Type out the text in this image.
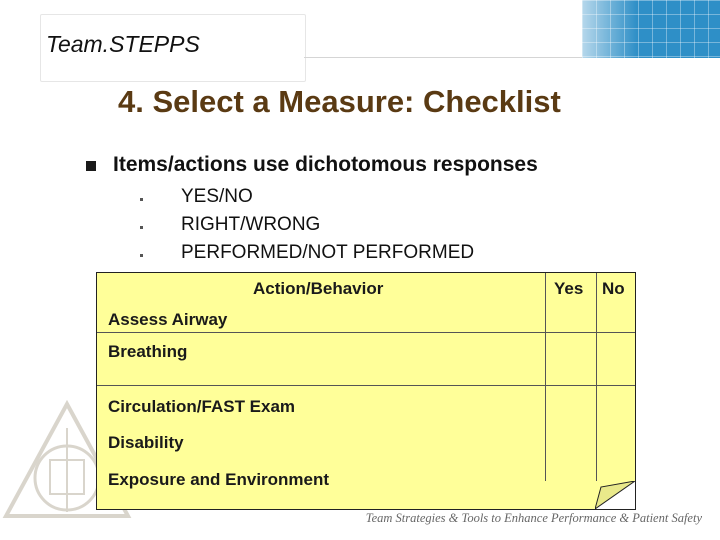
Team.STEPPS
4. Select a Measure: Checklist
Items/actions use dichotomous responses
YES/NO
RIGHT/WRONG
PERFORMED/NOT PERFORMED
Action/Behavior	Yes No
Assess Airway
Breathing
Circulation/FAST Exam
Disability
Exposure and Environment
Team Strategies & Tools to Enhance Performance & Patient Safety
